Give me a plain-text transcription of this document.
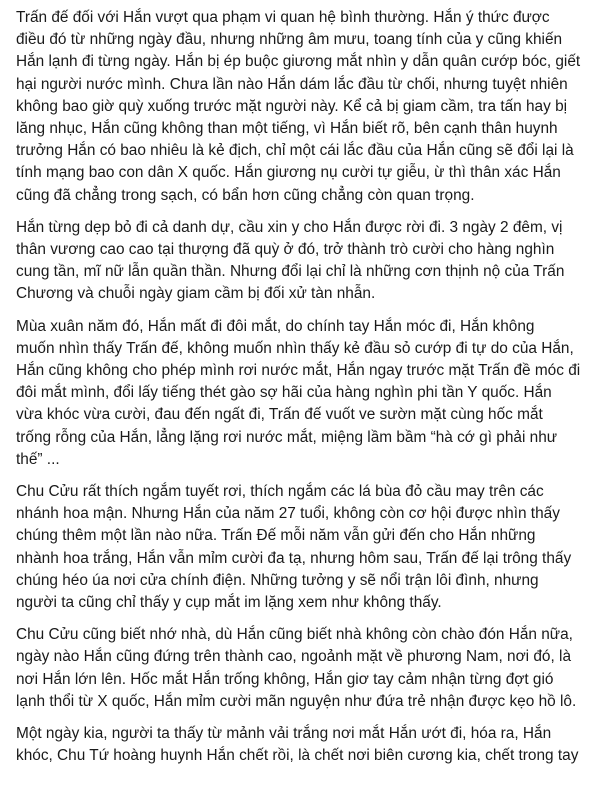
Trấn đế đối với Hắn vượt qua phạm vi quan hệ bình thường. Hắn ý thức được
điều đó từ những ngày đầu, nhưng những âm mưu, toang tính của y cũng khiến
Hắn lạnh đi từng ngày. Hắn bị ép buộc giương mắt nhìn y dẫn quân cướp bóc, giết
hại người nước mình. Chưa lần nào Hắn dám lắc đầu từ chối, nhưng tuyệt nhiên
không bao giờ quỳ xuống trước mặt người này. Kể cả bị giam cầm, tra tấn hay bị
lăng nhục, Hắn cũng không than một tiếng, vì Hắn biết rõ, bên cạnh thân huynh
trưởng Hắn có bao nhiêu là kẻ địch, chỉ một cái lắc đầu của Hắn cũng sẽ đổi lại là
tính mạng bao con dân X quốc. Hắn giương nụ cười tự giễu, ừ thì thân xác Hắn
cũng đã chẳng trong sạch, có bẩn hơn cũng chẳng còn quan trọng.
Hắn từng dẹp bỏ đi cả danh dự, cầu xin y cho Hắn được rời đi. 3 ngày 2 đêm, vị
thân vương cao cao tại thượng đã quỳ ở đó, trở thành trò cười cho hàng nghìn
cung tần, mĩ nữ lẫn quần thần. Nhưng đổi lại chỉ là những cơn thịnh nộ của Trấn
Chương và chuỗi ngày giam cầm bị đối xử tàn nhẫn.
Mùa xuân năm đó, Hắn mất đi đôi mắt, do chính tay Hắn móc đi, Hắn không
muốn nhìn thấy Trấn đế, không muốn nhìn thấy kẻ đầu sỏ cướp đi tự do của Hắn,
Hắn cũng không cho phép mình rơi nước mắt, Hắn ngay trước mặt Trấn đề móc đi
đôi mắt mình, đổi lấy tiếng thét gào sợ hãi của hàng nghìn phi tần Y quốc. Hắn
vừa khóc vừa cười, đau đến ngất đi, Trấn đế vuốt ve sườn mặt cùng hốc mắt
trống rỗng của Hắn, lẳng lặng rơi nước mắt, miệng lầm bầm “hà cớ gì phải như
thế” ...
Chu Cửu rất thích ngắm tuyết rơi, thích ngắm các lá bùa đỏ cầu may trên các
nhánh hoa mận. Nhưng Hắn của năm 27 tuổi, không còn cơ hội được nhìn thấy
chúng thêm một lần nào nữa. Trấn Đế mỗi năm vẫn gửi đến cho Hắn những
nhành hoa trắng, Hắn vẫn mỉm cười đa tạ, nhưng hôm sau, Trấn đế lại trông thấy
chúng héo úa nơi cửa chính điện. Những tưởng y sẽ nổi trận lôi đình, nhưng
người ta cũng chỉ thấy y cụp mắt im lặng xem như không thấy.
Chu Cửu cũng biết nhớ nhà, dù Hắn cũng biết nhà không còn chào đón Hắn nữa,
ngày nào Hắn cũng đứng trên thành cao, ngoảnh mặt về phương Nam, nơi đó, là
nơi Hắn lớn lên. Hốc mắt Hắn trống không, Hắn giơ tay cảm nhận từng đợt gió
lạnh thổi từ X quốc, Hắn mỉm cười mãn nguyện như đứa trẻ nhận được kẹo hồ lô.
Một ngày kia, người ta thấy từ mảnh vải trắng nơi mắt Hắn ướt đi, hóa ra, Hắn
khóc, Chu Tứ hoàng huynh Hắn chết rồi, là chết nơi biên cương kia, chết trong tay
